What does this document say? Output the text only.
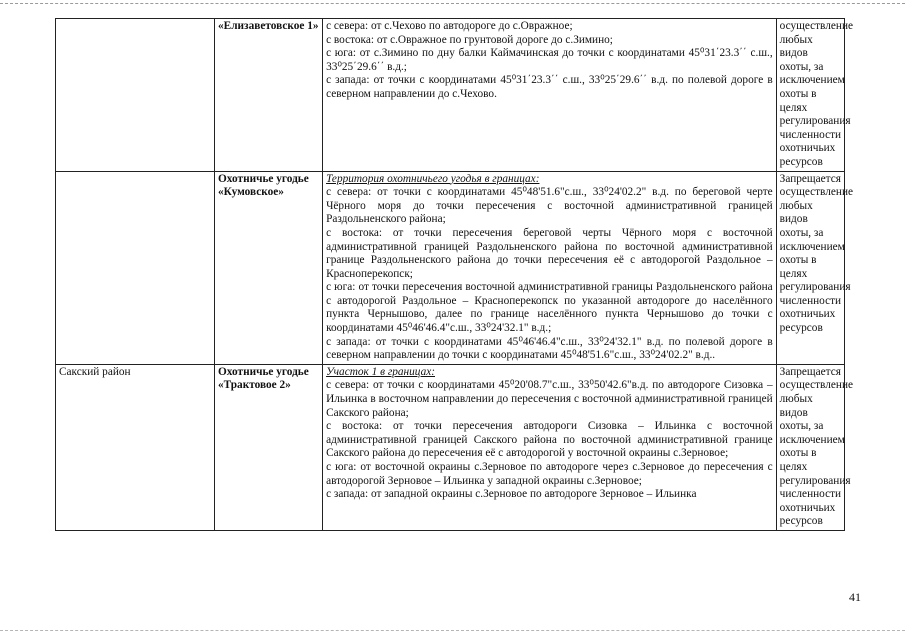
	«Елизаветовское 1»	с севера: от с.Чехово по автодороге до с.Овражное;
с востока: от с.Овражное по грунтовой дороге до с.Зимино;
с юга: от с.Зимино по дну балки Каймачинская до точки с координатами 45⁰31΄23.3΄΄ с.ш., 33⁰25΄29.6΄΄ в.д.;
с запада: от точки с координатами 45⁰31΄23.3΄΄ с.ш., 33⁰25΄29.6΄΄ в.д. по полевой дороге в северном направлении до с.Чехово.	осуществление любых видов охоты, за исключением охоты в целях регулирования численности охотничьих ресурсов
	Охотничье угодье «Кумовское»	Территория охотничьего угодья в границах:
с севера: от точки с координатами 45⁰48'51.6"с.ш., 33⁰24'02.2" в.д. по береговой черте Чёрного моря до точки пересечения с восточной административной границей Раздольненского района;
с востока: от точки пересечения береговой черты Чёрного моря с восточной административной границей Раздольненского района по восточной административной границе Раздольненского района до точки пересечения её с автодорогой Раздольное – Красноперекопск;
с юга: от точки пересечения восточной административной границы Раздольненского района с автодорогой Раздольное – Красноперекопск по указанной автодороге до населённого пункта Чернышово, далее по границе населённого пункта Чернышово до точки с координатами 45⁰46'46.4"с.ш., 33⁰24'32.1" в.д.;
с запада: от точки с координатами 45⁰46'46.4"с.ш., 33⁰24'32.1" в.д. по полевой дороге в северном направлении до точки с координатами 45⁰48'51.6"с.ш., 33⁰24'02.2" в.д..	Запрещается осуществление любых видов охоты, за исключением охоты в целях регулирования численности охотничьих ресурсов
Сакский район	Охотничье угодье «Трактовое 2»	Участок 1 в границах:
с севера: от точки с координатами 45⁰20'08.7"с.ш., 33⁰50'42.6"в.д. по автодороге Сизовка – Ильинка в восточном направлении до пересечения с восточной административной границей Сакского района;
с востока: от точки пересечения автодороги Сизовка – Ильинка с восточной административной границей Сакского района по восточной административной границе Сакского района до пересечения её с автодорогой у восточной окраины с.Зерновое;
с юга: от восточной окраины с.Зерновое по автодороге через с.Зерновое до пересечения с автодорогой Зерновое – Ильинка у западной окраины с.Зерновое;
с запада: от западной окраины с.Зерновое по автодороге Зерновое – Ильинка	Запрещается осуществление любых видов охоты, за исключением охоты в целях регулирования численности охотничьих ресурсов
41
